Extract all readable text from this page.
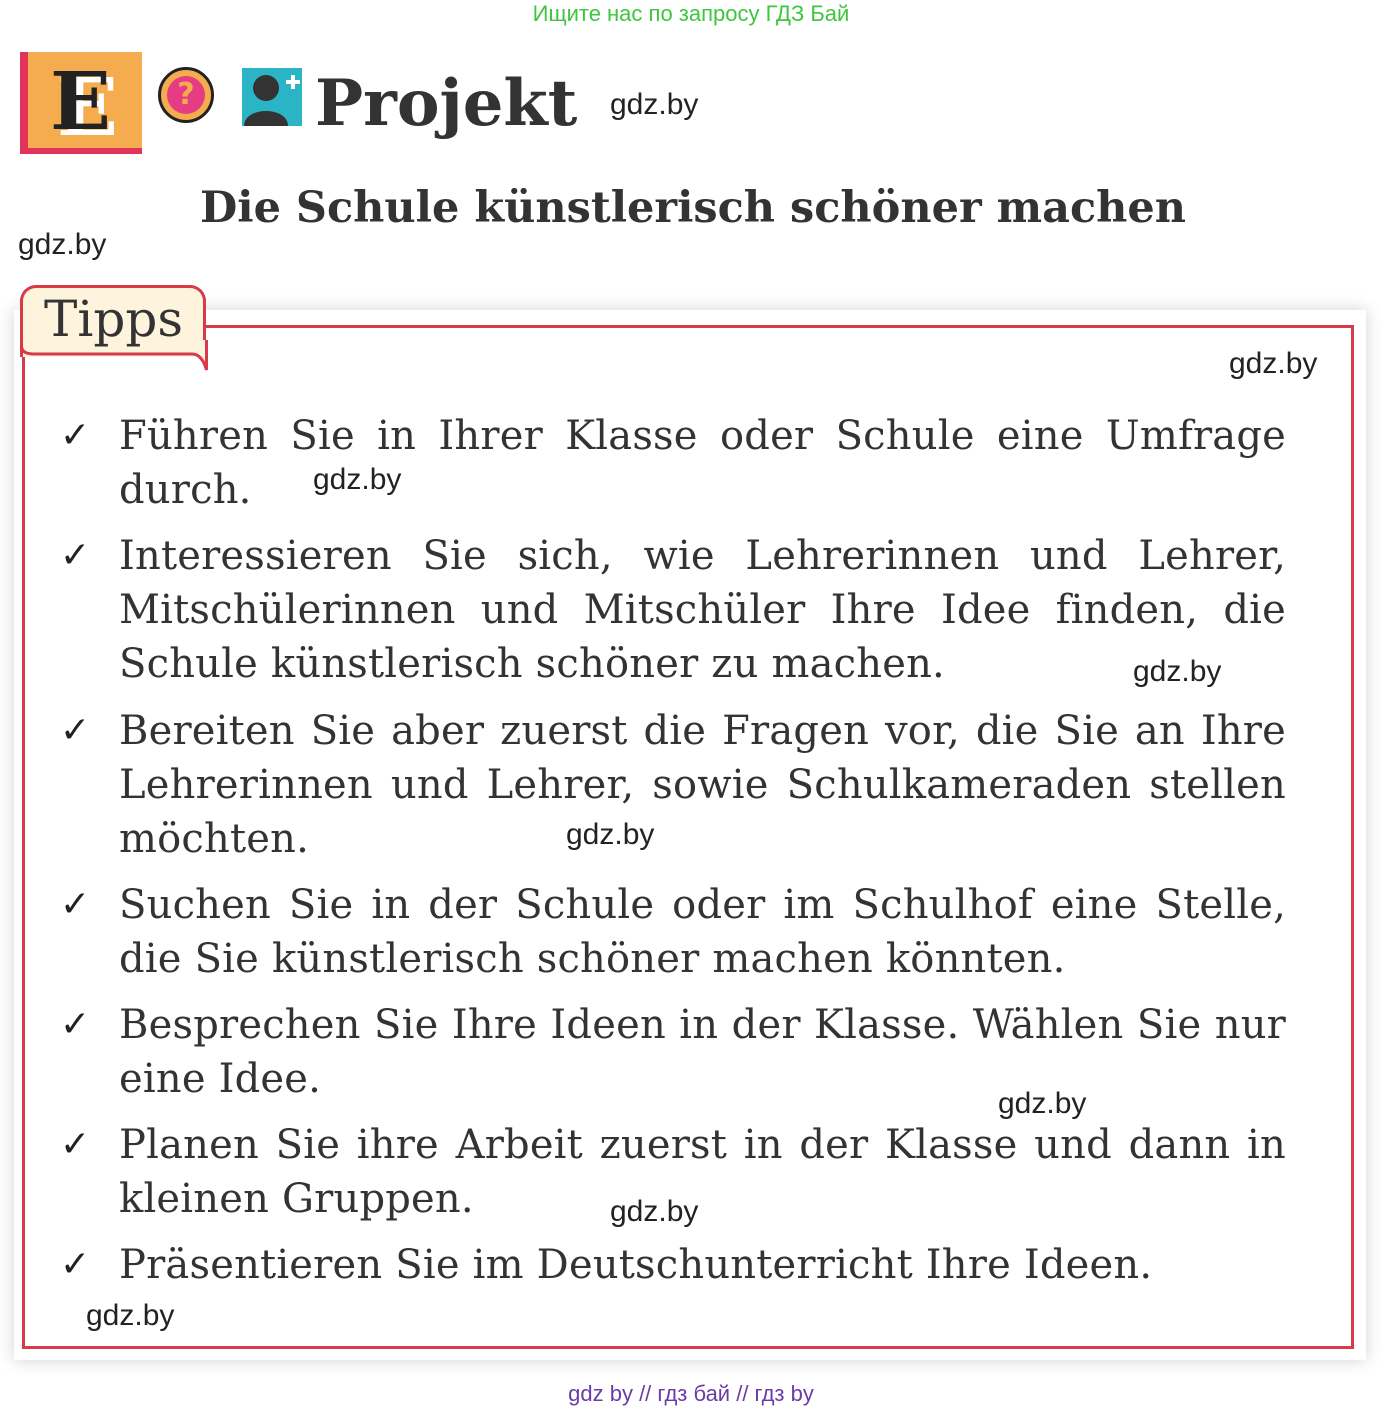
Ищите нас по запросу ГДЗ Бай
E	? Projekt gdz.by
Die Schule künstlerisch schöner machen
gdz.by
Tipps
gdz.by
✓ Führen Sie in Ihrer Klasse oder Schule eine Umfrage durch.	gdz.by
✓ Interessieren Sie sich, wie Lehrerinnen und Lehrer, Mitschülerinnen und Mitschüler Ihre Idee finden, die Schule künstlerisch schöner zu machen.	gdz.by
✓ Bereiten Sie aber zuerst die Fragen vor, die Sie an Ihre Lehrerinnen und Lehrer, sowie Schulkameraden stellen möchten.	gdz.by
✓ Suchen Sie in der Schule oder im Schulhof eine Stelle, die Sie künstlerisch schöner machen könnten.
✓ Besprechen Sie Ihre Ideen in der Klasse. Wählen Sie nur eine Idee.
gdz.by
✓ Planen Sie ihre Arbeit zuerst in der Klasse und dann in kleinen Gruppen.	gdz.by
✓ Präsentieren Sie im Deutschunterricht Ihre Ideen.
gdz.by
gdz by // гдз бай // гдз by
